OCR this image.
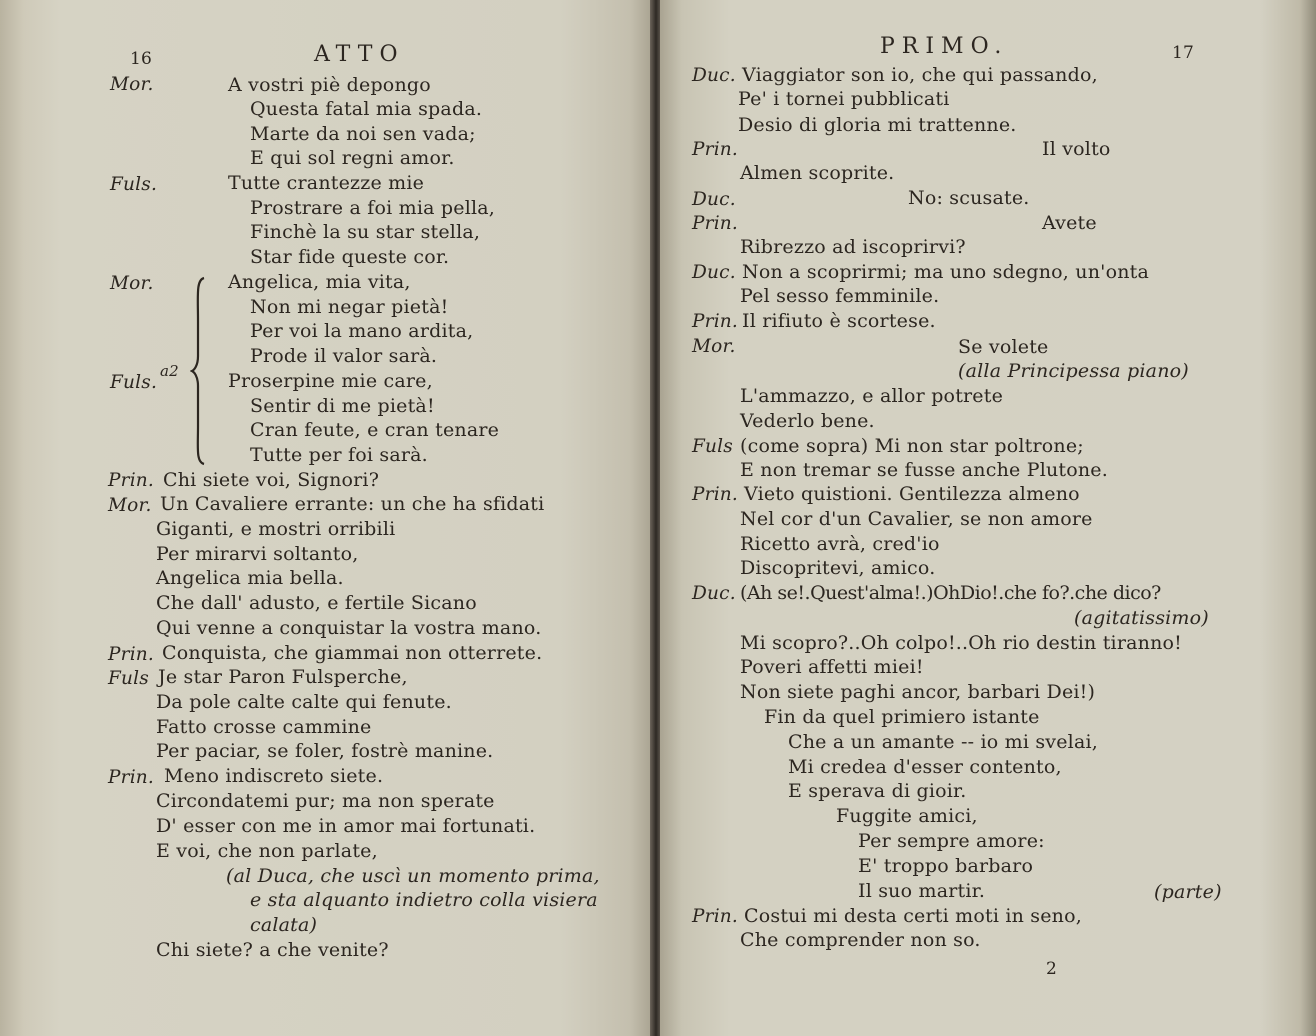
16	ATTO
Mor.	A vostri piè depongo
Questa fatal mia spada.
Marte da noi sen vada;
E qui sol regni amor.
Fuls.	Tutte crantezze mie
Prostrare a foi mia pella,
Finchè la su star stella,
Star fide queste cor.
Mor.	Angelica, mia vita,
Non mi negar pietà!
Per voi la mano ardita,
Prode il valor sarà.
Fuls.
a2	Proserpine mie care,
Sentir di me pietà!
Cran feute, e cran tenare
Tutte per foi sarà.
Prin. Chi siete voi, Signori?
Mor. Un Cavaliere errante: un che ha sfidati
Giganti, e mostri orribili
Per mirarvi soltanto,
Angelica mia bella.
Che dall' adusto, e fertile Sicano
Qui venne a conquistar la vostra mano.
Prin. Conquista, che giammai non otterrete.
Fuls Je star Paron Fulsperche,
Da pole calte calte qui fenute.
Fatto crosse cammine
Per paciar, se foler, fostrè manine.
Prin. Meno indiscreto siete.
Circondatemi pur; ma non sperate
D' esser con me in amor mai fortunati.
E voi, che non parlate,
(al Duca, che uscì un momento prima,
e sta alquanto indietro colla visiera
calata)
Chi siete? a che venite?
PRIMO.	17
Duc. Viaggiator son io, che qui passando,
Pe' i tornei pubblicati
Desio di gloria mi trattenne.
Prin.	Il volto
Almen scoprite.
Duc.	No: scusate.
Prin.	Avete
Ribrezzo ad iscoprirvi?
Duc. Non a scoprirmi; ma uno sdegno, un'onta
Pel sesso femminile.
Prin. Il rifiuto è scortese.
Mor.	Se volete
(alla Principessa piano)
L'ammazzo, e allor potrete
Vederlo bene.
Fuls (come sopra) Mi non star poltrone;
E non tremar se fusse anche Plutone.
Prin. Vieto quistioni. Gentilezza almeno
Nel cor d'un Cavalier, se non amore
Ricetto avrà, cred'io
Discopritevi, amico.
Duc. (Ah se!.Quest'alma!.)OhDio!.che fo?.che dico?
(agitatissimo)
Mi scopro?..Oh colpo!..Oh rio destin tiranno!
Poveri affetti miei!
Non siete paghi ancor, barbari Dei!)
Fin da quel primiero istante
Che a un amante -- io mi svelai,
Mi credea d'esser contento,
E sperava di gioir.
Fuggite amici,
Per sempre amore:
E' troppo barbaro
Il suo martir.	(parte)
Prin. Costui mi desta certi moti in seno,
Che comprender non so.
2
